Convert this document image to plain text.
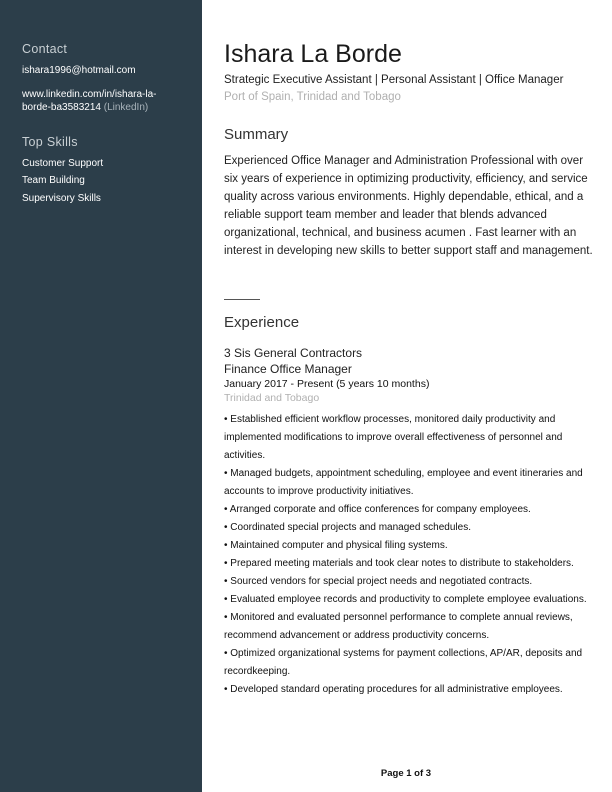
Contact
ishara1996@hotmail.com
www.linkedin.com/in/ishara-la-
borde-ba3583214 (LinkedIn)
Top Skills
Customer Support
Team Building
Supervisory Skills
Ishara La Borde
Strategic Executive Assistant | Personal Assistant | Office Manager
Port of Spain, Trinidad and Tobago
Summary
Experienced Office Manager and Administration Professional with over six years of experience in optimizing productivity, efficiency, and service quality across various environments. Highly dependable, ethical, and a reliable support team member and leader that blends advanced organizational, technical, and business acumen . Fast learner with an interest in developing new skills to better support staff and management.
Experience
3 Sis General Contractors
Finance Office Manager
January 2017 - Present (5 years 10 months)
Trinidad and Tobago
• Established efficient workflow processes, monitored daily productivity and implemented modifications to improve overall effectiveness of personnel and activities.
• Managed budgets, appointment scheduling, employee and event itineraries and accounts to improve productivity initiatives.
• Arranged corporate and office conferences for company employees.
• Coordinated special projects and managed schedules.
• Maintained computer and physical filing systems.
• Prepared meeting materials and took clear notes to distribute to stakeholders.
• Sourced vendors for special project needs and negotiated contracts.
• Evaluated employee records and productivity to complete employee evaluations.
• Monitored and evaluated personnel performance to complete annual reviews, recommend advancement or address productivity concerns.
• Optimized organizational systems for payment collections, AP/AR, deposits and recordkeeping.
• Developed standard operating procedures for all administrative employees.
Page 1 of 3
